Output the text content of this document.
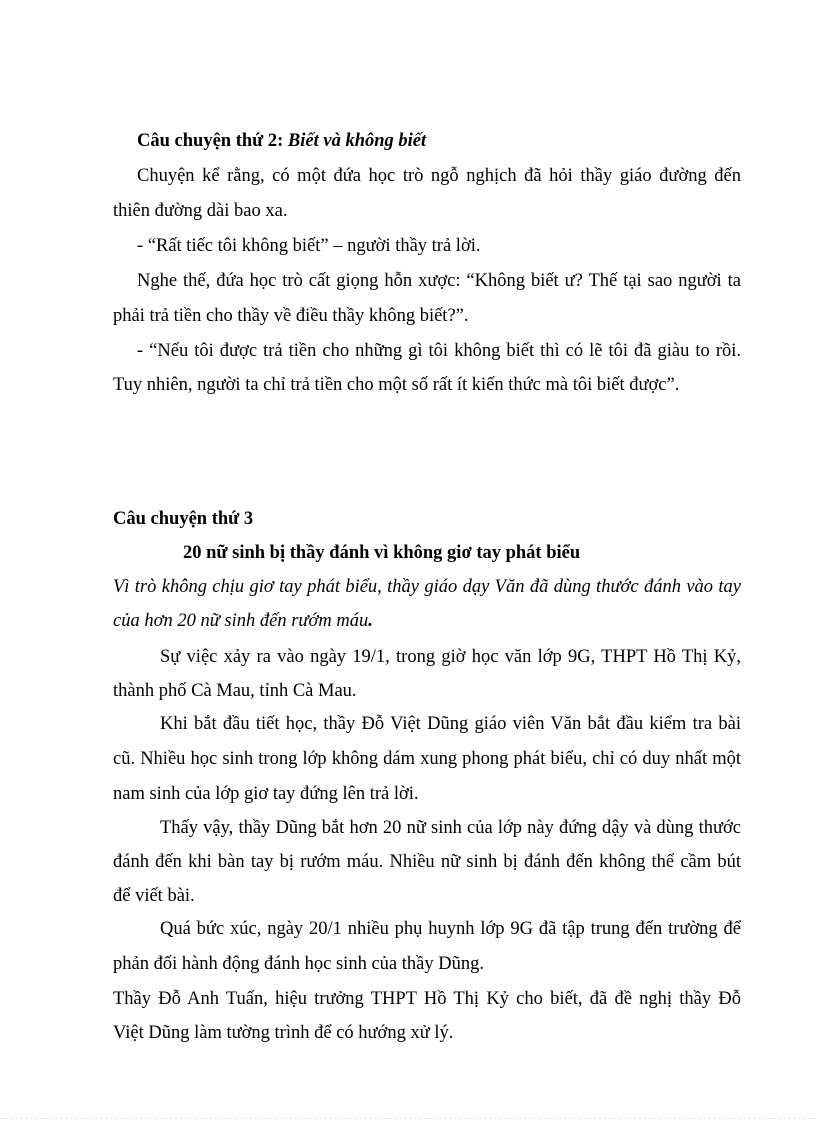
Câu chuyện thứ 2: Biết và không biết
Chuyện kể rằng, có một đứa học trò ngỗ nghịch đã hỏi thầy giáo đường đến
thiên đường dài bao xa.
- “Rất tiếc tôi không biết” – người thầy trả lời.
Nghe thế, đứa học trò cất giọng hỗn xược: “Không biết ư? Thế tại sao người ta
phải trả tiền cho thầy về điều thầy không biết?”.
- “Nếu tôi được trả tiền cho những gì tôi không biết thì có lẽ tôi đã giàu to rồi.
Tuy nhiên, người ta chỉ trả tiền cho một số rất ít kiến thức mà tôi biết được”.
Câu chuyện thứ 3
20 nữ sinh bị thầy đánh vì không giơ tay phát biểu
Vì trò không chịu giơ tay phát biểu, thầy giáo dạy Văn đã dùng thước đánh vào tay
của hơn 20 nữ sinh đến rướm máu.
Sự việc xảy ra vào ngày 19/1, trong giờ học văn lớp 9G, THPT Hồ Thị Kỷ,
thành phố Cà Mau, tỉnh Cà Mau.
Khi bắt đầu tiết học, thầy Đỗ Việt Dũng giáo viên Văn bắt đầu kiểm tra bài
cũ. Nhiều học sinh trong lớp không dám xung phong phát biểu, chỉ có duy nhất một
nam sinh của lớp giơ tay đứng lên trả lời.
Thấy vậy, thầy Dũng bắt hơn 20 nữ sinh của lớp này đứng dậy và dùng thước
đánh đến khi bàn tay bị rướm máu. Nhiều nữ sinh bị đánh đến không thể cầm bút
để viết bài.
Quá bức xúc, ngày 20/1 nhiều phụ huynh lớp 9G đã tập trung đến trường để
phản đối hành động đánh học sinh của thầy Dũng.
Thầy Đỗ Anh Tuấn, hiệu trưởng THPT Hồ Thị Kỷ cho biết, đã đề nghị thầy Đỗ
Việt Dũng làm tường trình để có hướng xử lý.
